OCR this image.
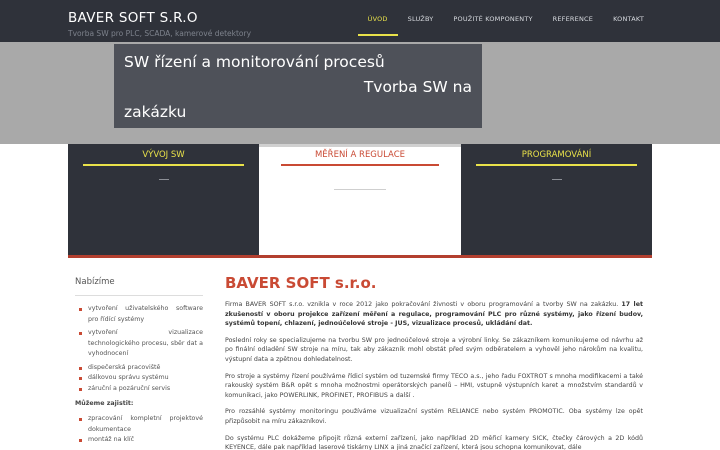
BAVER SOFT S.R.O
Tvorba SW pro PLC, SCADA, kamerové detektory
ÚVOD	SLUŽBY	POUŽITÉ KOMPONENTY	REFERENCE	KONTAKT
SW řízení a monitorování procesů
Tvorba SW na
zakázku
VÝVOJ SW	MĚŘENÍ A REGULACE	PROGRAMOVÁNÍ
Nabízíme
vytvoření uživatelského software pro řídící systémy
vytvoření vizualizace technologického procesu, sběr dat a vyhodnocení
dispečerská pracoviště
dálkovou správu systému
záruční a pozáruční servis
Můžeme zajistit:
zpracování kompletní projektové dokumentace
montáž na klíč
BAVER SOFT s.r.o.

Firma BAVER SOFT s.r.o. vznikla v roce 2012 jako pokračování živnosti v oboru programování a tvorby SW na zakázku. 17 let zkušeností v oboru projekce zařízení měření a regulace, programování PLC pro různé systémy, jako řízení budov, systémů topení, chlazení, jednoúčelové stroje - JUS, vizualizace procesů, ukládání dat.

Poslední roky se specializujeme na tvorbu SW pro jednoúčelové stroje a výrobní linky. Se zákazníkem komunikujeme od návrhu až po finální odladění SW stroje na míru, tak aby zákazník mohl obstát před svým odběratelem a vyhověl jeho nárokům na kvalitu, výstupní data a zpětnou dohledatelnost.

Pro stroje a systémy řízení používáme řídicí systém od tuzemské firmy TECO a.s., jeho řadu FOXTROT s mnoha modifikacemi a také rakouský systém B&R opět s mnoha možnostmi operátorských panelů – HMI, vstupně výstupních karet a množstvím standardů v komunikaci, jako POWERLINK, PROFINET, PROFIBUS a další .

Pro rozsáhlé systémy monitoringu používáme vizualizační systém RELIANCE nebo systém PROMOTIC. Oba systémy lze opět přizpůsobit na míru zákazníkovi.

Do systému PLC dokážeme připojit různá externí zařízení, jako například 2D měřicí kamery SICK, čtečky čárových a 2D kódů KEYENCE, dále pak například laserové tiskárny LINX a jiná značící zařízení, která jsou schopna komunikovat, dále
